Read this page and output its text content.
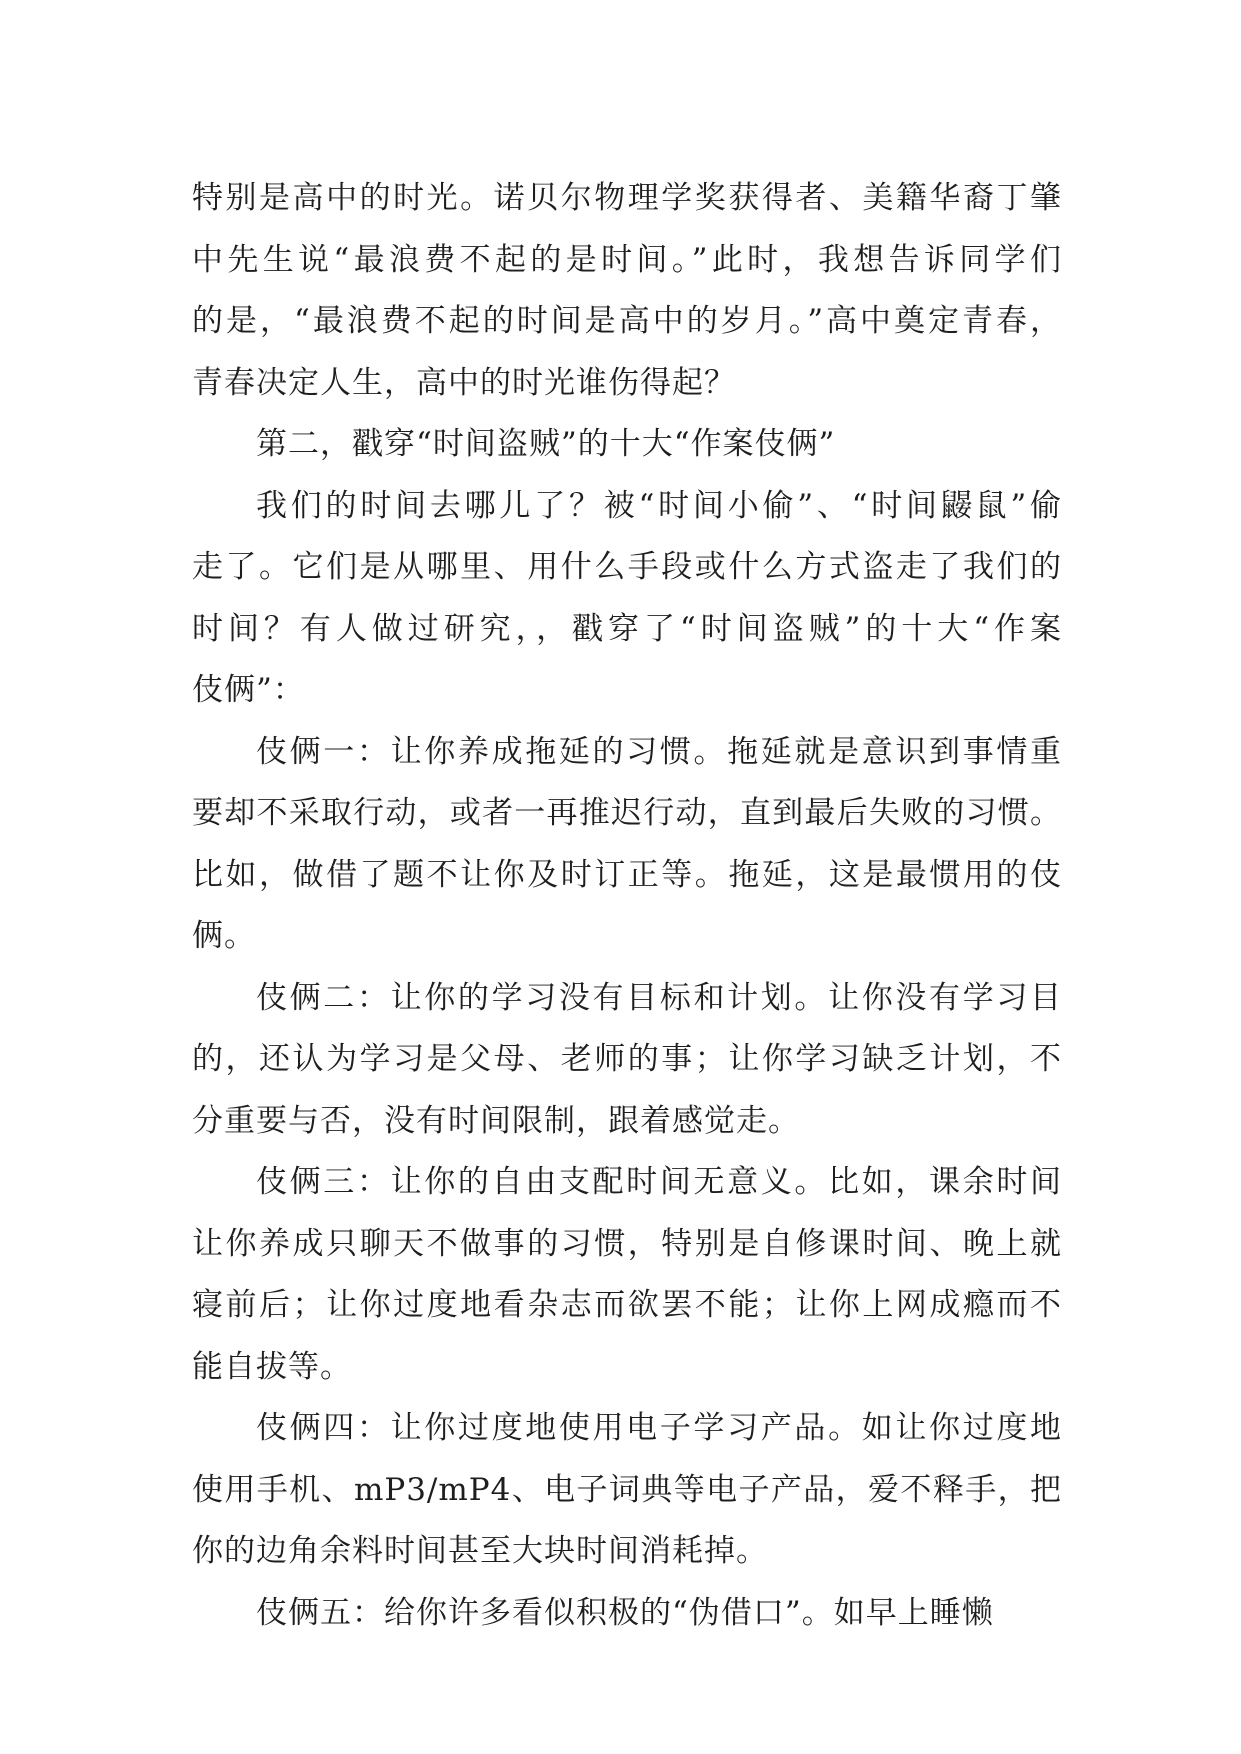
特别是高中的时光。诺贝尔物理学奖获得者、美籍华裔丁肇
中先生说“最浪费不起的是时间。”此时，我想告诉同学们
的是，“最浪费不起的时间是高中的岁月。”高中奠定青春，
青春决定人生，高中的时光谁伤得起？
第二，戳穿“时间盗贼”的十大“作案伎俩”
我们的时间去哪儿了？被“时间小偷”、“时间鼹鼠”偷
走了。它们是从哪里、用什么手段或什么方式盗走了我们的
时间？有人做过研究，，戳穿了“时间盗贼”的十大“作案
伎俩”：
伎俩一：让你养成拖延的习惯。拖延就是意识到事情重
要却不采取行动，或者一再推迟行动，直到最后失败的习惯。
比如，做借了题不让你及时订正等。拖延，这是最惯用的伎
俩。
伎俩二：让你的学习没有目标和计划。让你没有学习目
的，还认为学习是父母、老师的事；让你学习缺乏计划，不
分重要与否，没有时间限制，跟着感觉走。
伎俩三：让你的自由支配时间无意义。比如，课余时间
让你养成只聊天不做事的习惯，特别是自修课时间、晚上就
寝前后；让你过度地看杂志而欲罢不能；让你上网成瘾而不
能自拔等。
伎俩四：让你过度地使用电子学习产品。如让你过度地
使用手机、mP3/mP4、电子词典等电子产品，爱不释手，把
你的边角余料时间甚至大块时间消耗掉。
伎俩五：给你许多看似积极的“伪借口”。如早上睡懒
